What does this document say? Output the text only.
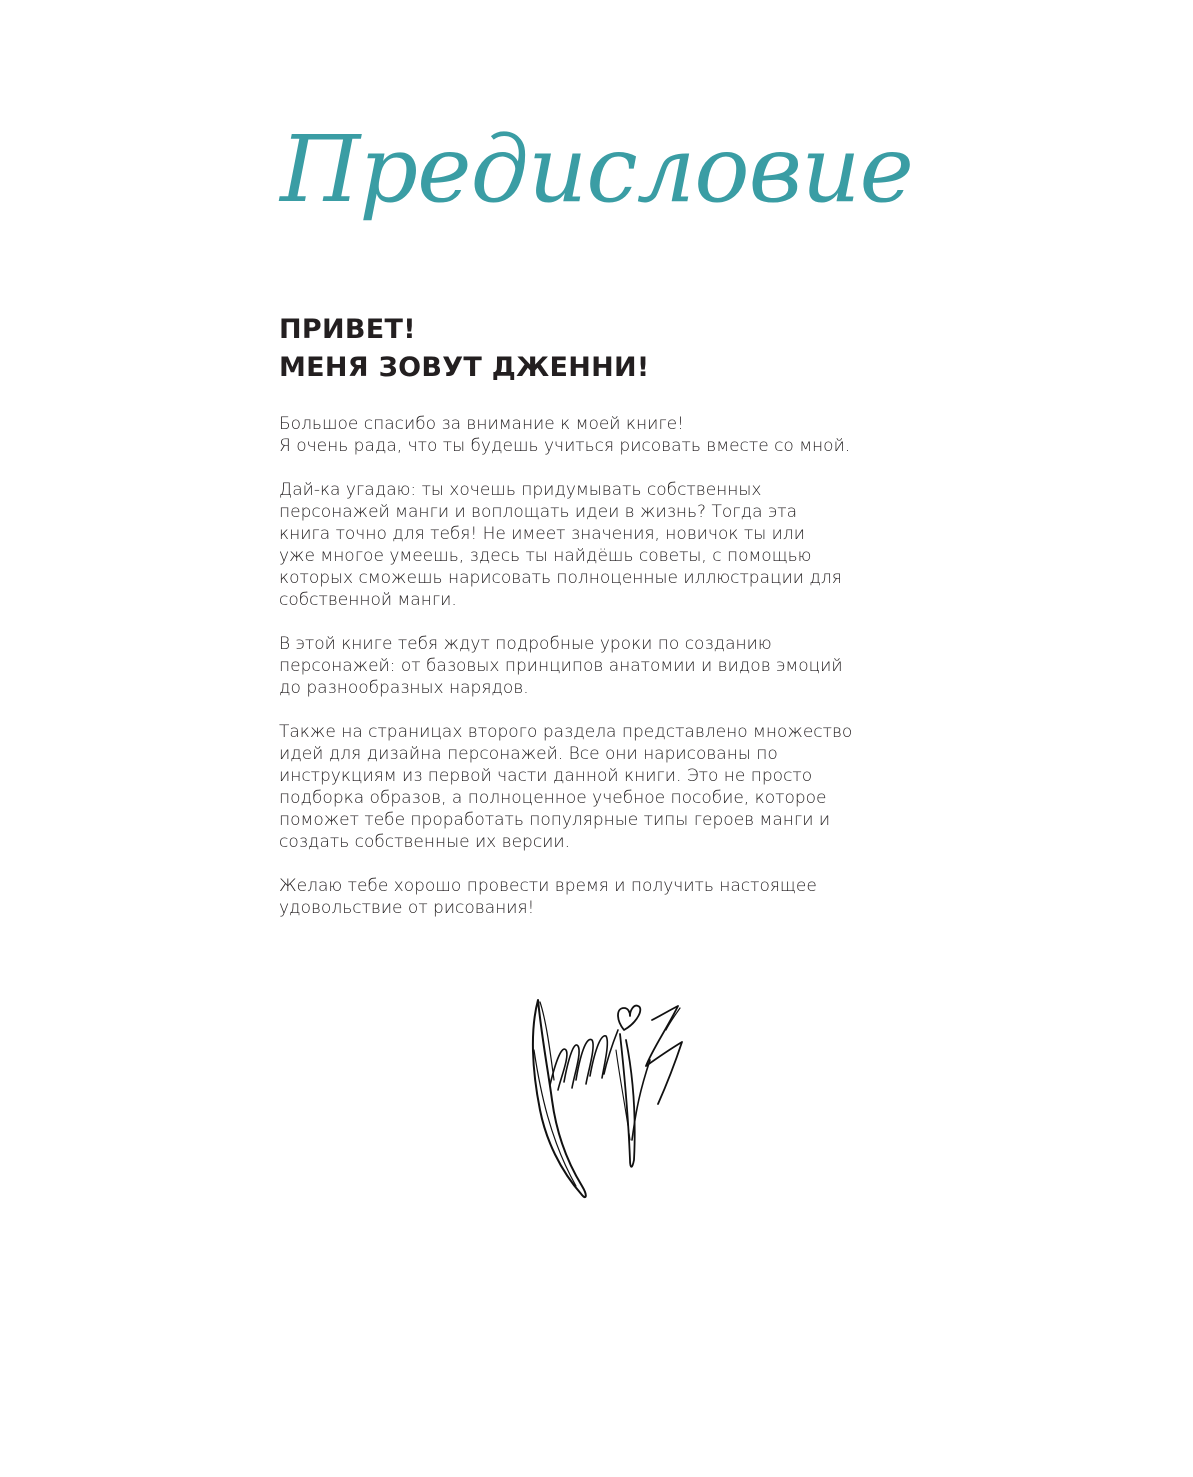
Предисловие
ПРИВЕТ!
МЕНЯ ЗОВУТ ДЖЕННИ!

Большое спасибо за внимание к моей книге!
Я очень рада, что ты будешь учиться рисовать вместе со мной.

Дай-ка угадаю: ты хочешь придумывать собственных
персонажей манги и воплощать идеи в жизнь? Тогда эта
книга точно для тебя! Не имеет значения, новичок ты или
уже многое умеешь, здесь ты найдёшь советы, с помощью
которых сможешь нарисовать полноценные иллюстрации для
собственной манги.

В этой книге тебя ждут подробные уроки по созданию
персонажей: от базовых принципов анатомии и видов эмоций
до разнообразных нарядов.

Также на страницах второго раздела представлено множество
идей для дизайна персонажей. Все они нарисованы по
инструкциям из первой части данной книги. Это не просто
подборка образов, а полноценное учебное пособие, которое
поможет тебе проработать популярные типы героев манги и
создать собственные их версии.

Желаю тебе хорошо провести время и получить настоящее
удовольствие от рисования!
